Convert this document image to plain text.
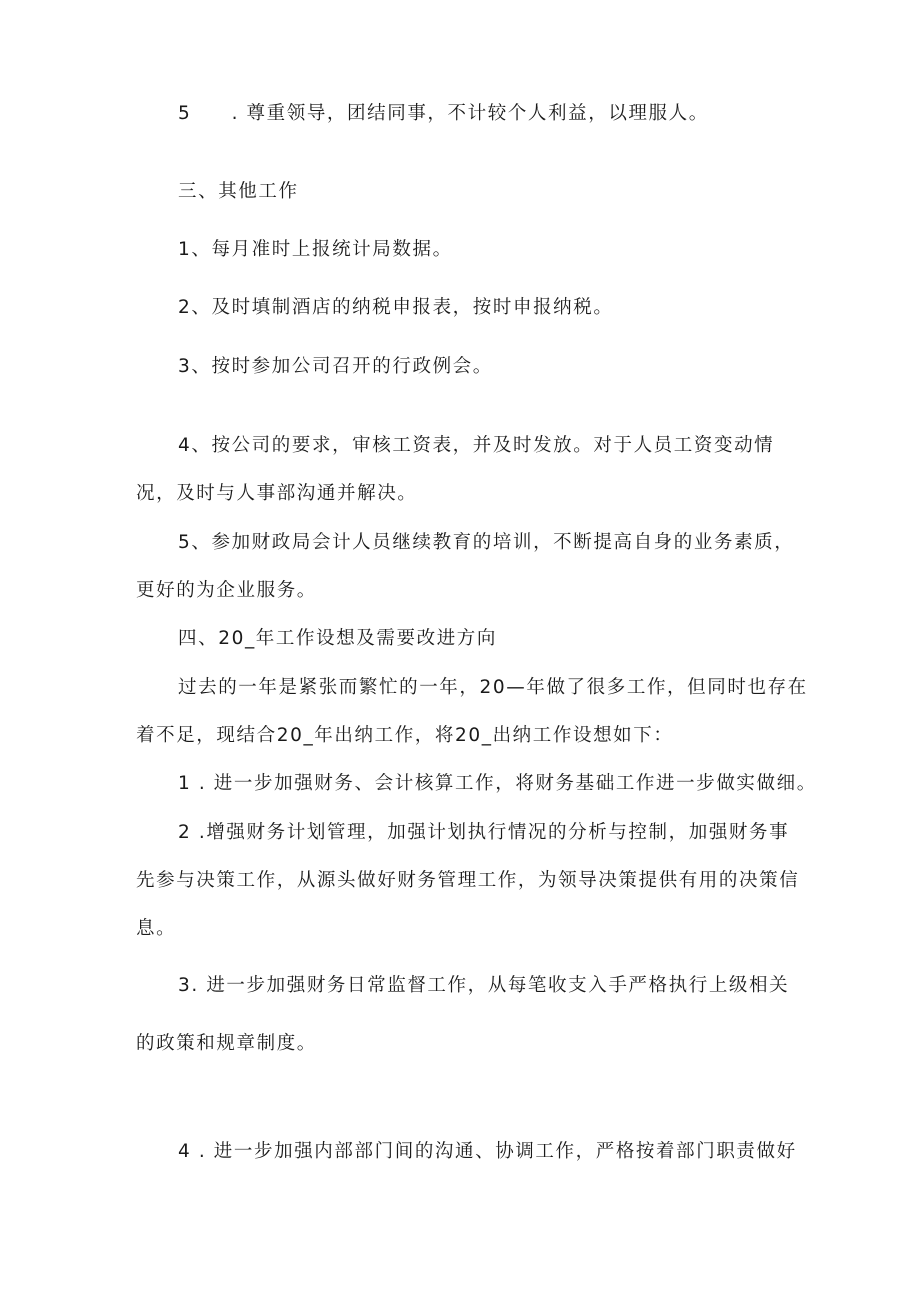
5　　. 尊重领导，团结同事，不计较个人利益，以理服人。
三、其他工作
1、每月准时上报统计局数据。
2、及时填制酒店的纳税申报表，按时申报纳税。
3、按时参加公司召开的行政例会。
4、按公司的要求，审核工资表，并及时发放。对于人员工资变动情
况，及时与人事部沟通并解决。
5、参加财政局会计人员继续教育的培训，不断提高自身的业务素质，
更好的为企业服务。
四、20_年工作设想及需要改进方向
过去的一年是紧张而繁忙的一年，20—年做了很多工作，但同时也存在
着不足，现结合20_年出纳工作，将20_出纳工作设想如下：
1 . 进一步加强财务、会计核算工作，将财务基础工作进一步做实做细。
2 .增强财务计划管理，加强计划执行情况的分析与控制，加强财务事
先参与决策工作，从源头做好财务管理工作，为领导决策提供有用的决策信
息。
3. 进一步加强财务日常监督工作，从每笔收支入手严格执行上级相关
的政策和规章制度。
4 . 进一步加强内部部门间的沟通、协调工作，严格按着部门职责做好
